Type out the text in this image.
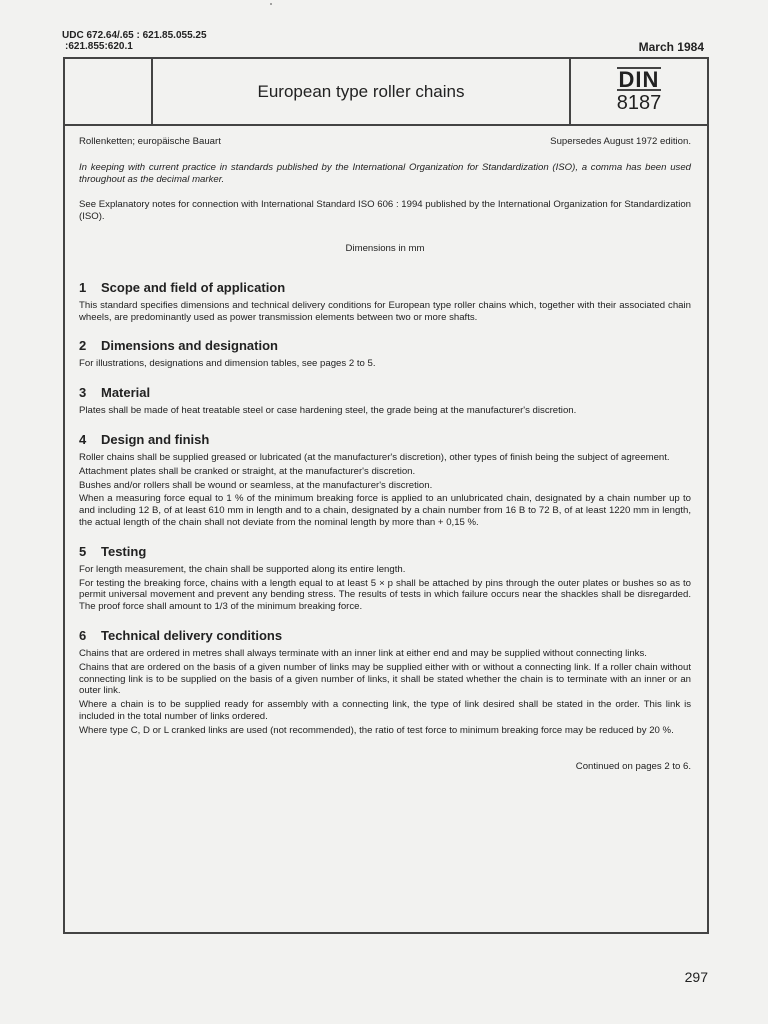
UDC 672.64/.65 : 621.85.055.25
:621.855:620.1	March 1984
European type roller chains	DIN
8187
Rollenketten; europäische Bauart	Supersedes August 1972 edition.

In keeping with current practice in standards published by the International Organization for Standardization (ISO), a comma has been used throughout as the decimal marker.

See Explanatory notes for connection with International Standard ISO 606 : 1994 published by the International Organization for Standardization (ISO).

Dimensions in mm
1 Scope and field of application

This standard specifies dimensions and technical delivery conditions for European type roller chains which, together with their associated chain wheels, are predominantly used as power transmission elements between two or more shafts.

2 Dimensions and designation

For illustrations, designations and dimension tables, see pages 2 to 5.

3 Material

Plates shall be made of heat treatable steel or case hardening steel, the grade being at the manufacturer's discretion.

4 Design and finish

Roller chains shall be supplied greased or lubricated (at the manufacturer's discretion), other types of finish being the subject of agreement.

Attachment plates shall be cranked or straight, at the manufacturer's discretion.

Bushes and/or rollers shall be wound or seamless, at the manufacturer's discretion.

When a measuring force equal to 1 % of the minimum breaking force is applied to an unlubricated chain, designated by a chain number up to and including 12 B, of at least 610 mm in length and to a chain, designated by a chain number from 16 B to 72 B, of at least 1220 mm in length, the actual length of the chain shall not deviate from the nominal length by more than + 0,15 %.

5 Testing

For length measurement, the chain shall be supported along its entire length.

For testing the breaking force, chains with a length equal to at least 5 × p shall be attached by pins through the outer plates or bushes so as to permit universal movement and prevent any bending stress. The results of tests in which failure occurs near the shackles shall be disregarded. The proof force shall amount to 1/3 of the minimum breaking force.

6 Technical delivery conditions

Chains that are ordered in metres shall always terminate with an inner link at either end and may be supplied without connecting links.

Chains that are ordered on the basis of a given number of links may be supplied either with or without a connecting link. If a roller chain without connecting link is to be supplied on the basis of a given number of links, it shall be stated whether the chain is to terminate with an inner or an outer link.

Where a chain is to be supplied ready for assembly with a connecting link, the type of link desired shall be stated in the order. This link is included in the total number of links ordered.

Where type C, D or L cranked links are used (not recommended), the ratio of test force to minimum breaking force may be reduced by 20 %.

Continued on pages 2 to 6.
297
